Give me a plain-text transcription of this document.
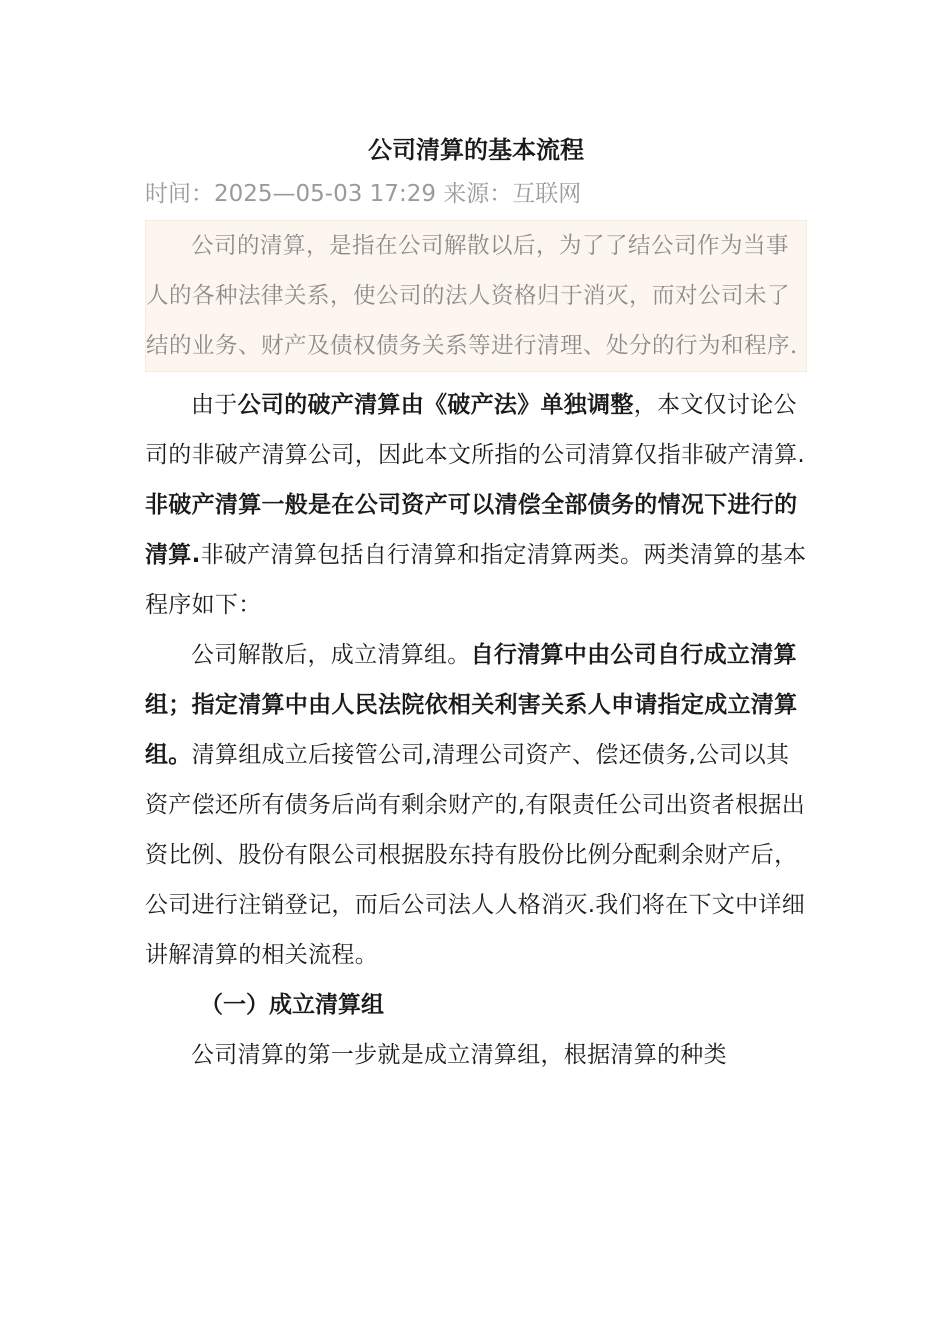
公司清算的基本流程
时间：2025—05-03 17:29 来源：互联网
公司的清算，是指在公司解散以后，为了了结公司作为当事人的各种法律关系，使公司的法人资格归于消灭，而对公司未了结的业务、财产及债权债务关系等进行清理、处分的行为和程序.

由于公司的破产清算由《破产法》单独调整，本文仅讨论公司的非破产清算公司，因此本文所指的公司清算仅指非破产清算.非破产清算一般是在公司资产可以清偿全部债务的情况下进行的清算.非破产清算包括自行清算和指定清算两类。两类清算的基本程序如下：

公司解散后，成立清算组。自行清算中由公司自行成立清算组；指定清算中由人民法院依相关利害关系人申请指定成立清算组。清算组成立后接管公司,清理公司资产、偿还债务,公司以其资产偿还所有债务后尚有剩余财产的,有限责任公司出资者根据出资比例、股份有限公司根据股东持有股份比例分配剩余财产后，公司进行注销登记，而后公司法人人格消灭.我们将在下文中详细讲解清算的相关流程。

（一）成立清算组

公司清算的第一步就是成立清算组，根据清算的种类
